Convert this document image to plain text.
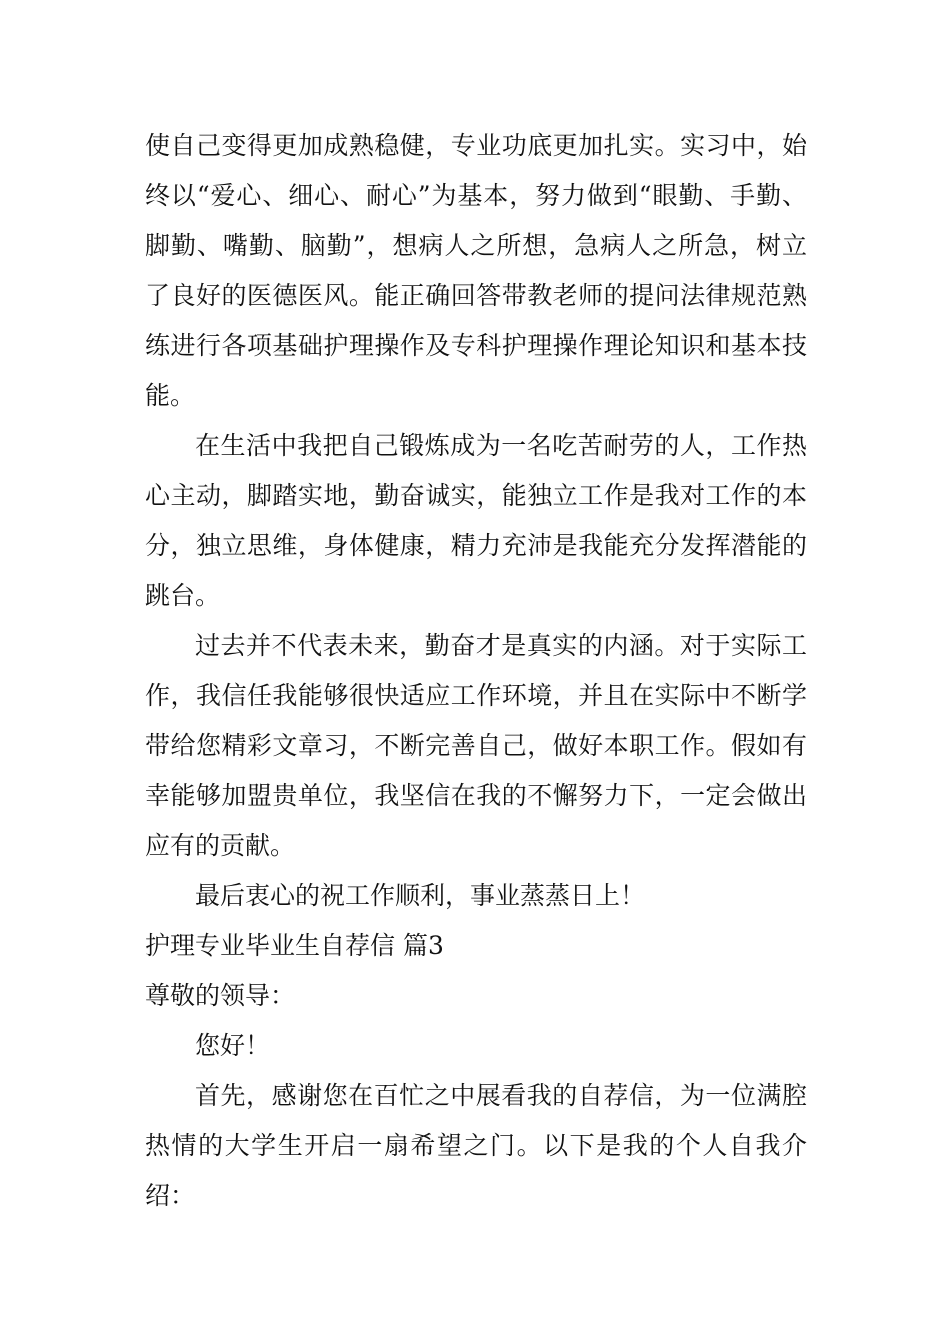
使自己变得更加成熟稳健，专业功底更加扎实。实习中，始终以“爱心、细心、耐心”为基本，努力做到“眼勤、手勤、脚勤、嘴勤、脑勤”，想病人之所想，急病人之所急，树立了良好的医德医风。能正确回答带教老师的提问法律规范熟练进行各项基础护理操作及专科护理操作理论知识和基本技能。

在生活中我把自己锻炼成为一名吃苦耐劳的人，工作热心主动，脚踏实地，勤奋诚实，能独立工作是我对工作的本分，独立思维，身体健康，精力充沛是我能充分发挥潜能的跳台。

过去并不代表未来，勤奋才是真实的内涵。对于实际工作，我信任我能够很快适应工作环境，并且在实际中不断学带给您精彩文章习，不断完善自己，做好本职工作。假如有幸能够加盟贵单位，我坚信在我的不懈努力下，一定会做出应有的贡献。

最后衷心的祝工作顺利，事业蒸蒸日上！

护理专业毕业生自荐信 篇3

尊敬的领导：

您好！

首先，感谢您在百忙之中展看我的自荐信，为一位满腔热情的大学生开启一扇希望之门。以下是我的个人自我介绍：
